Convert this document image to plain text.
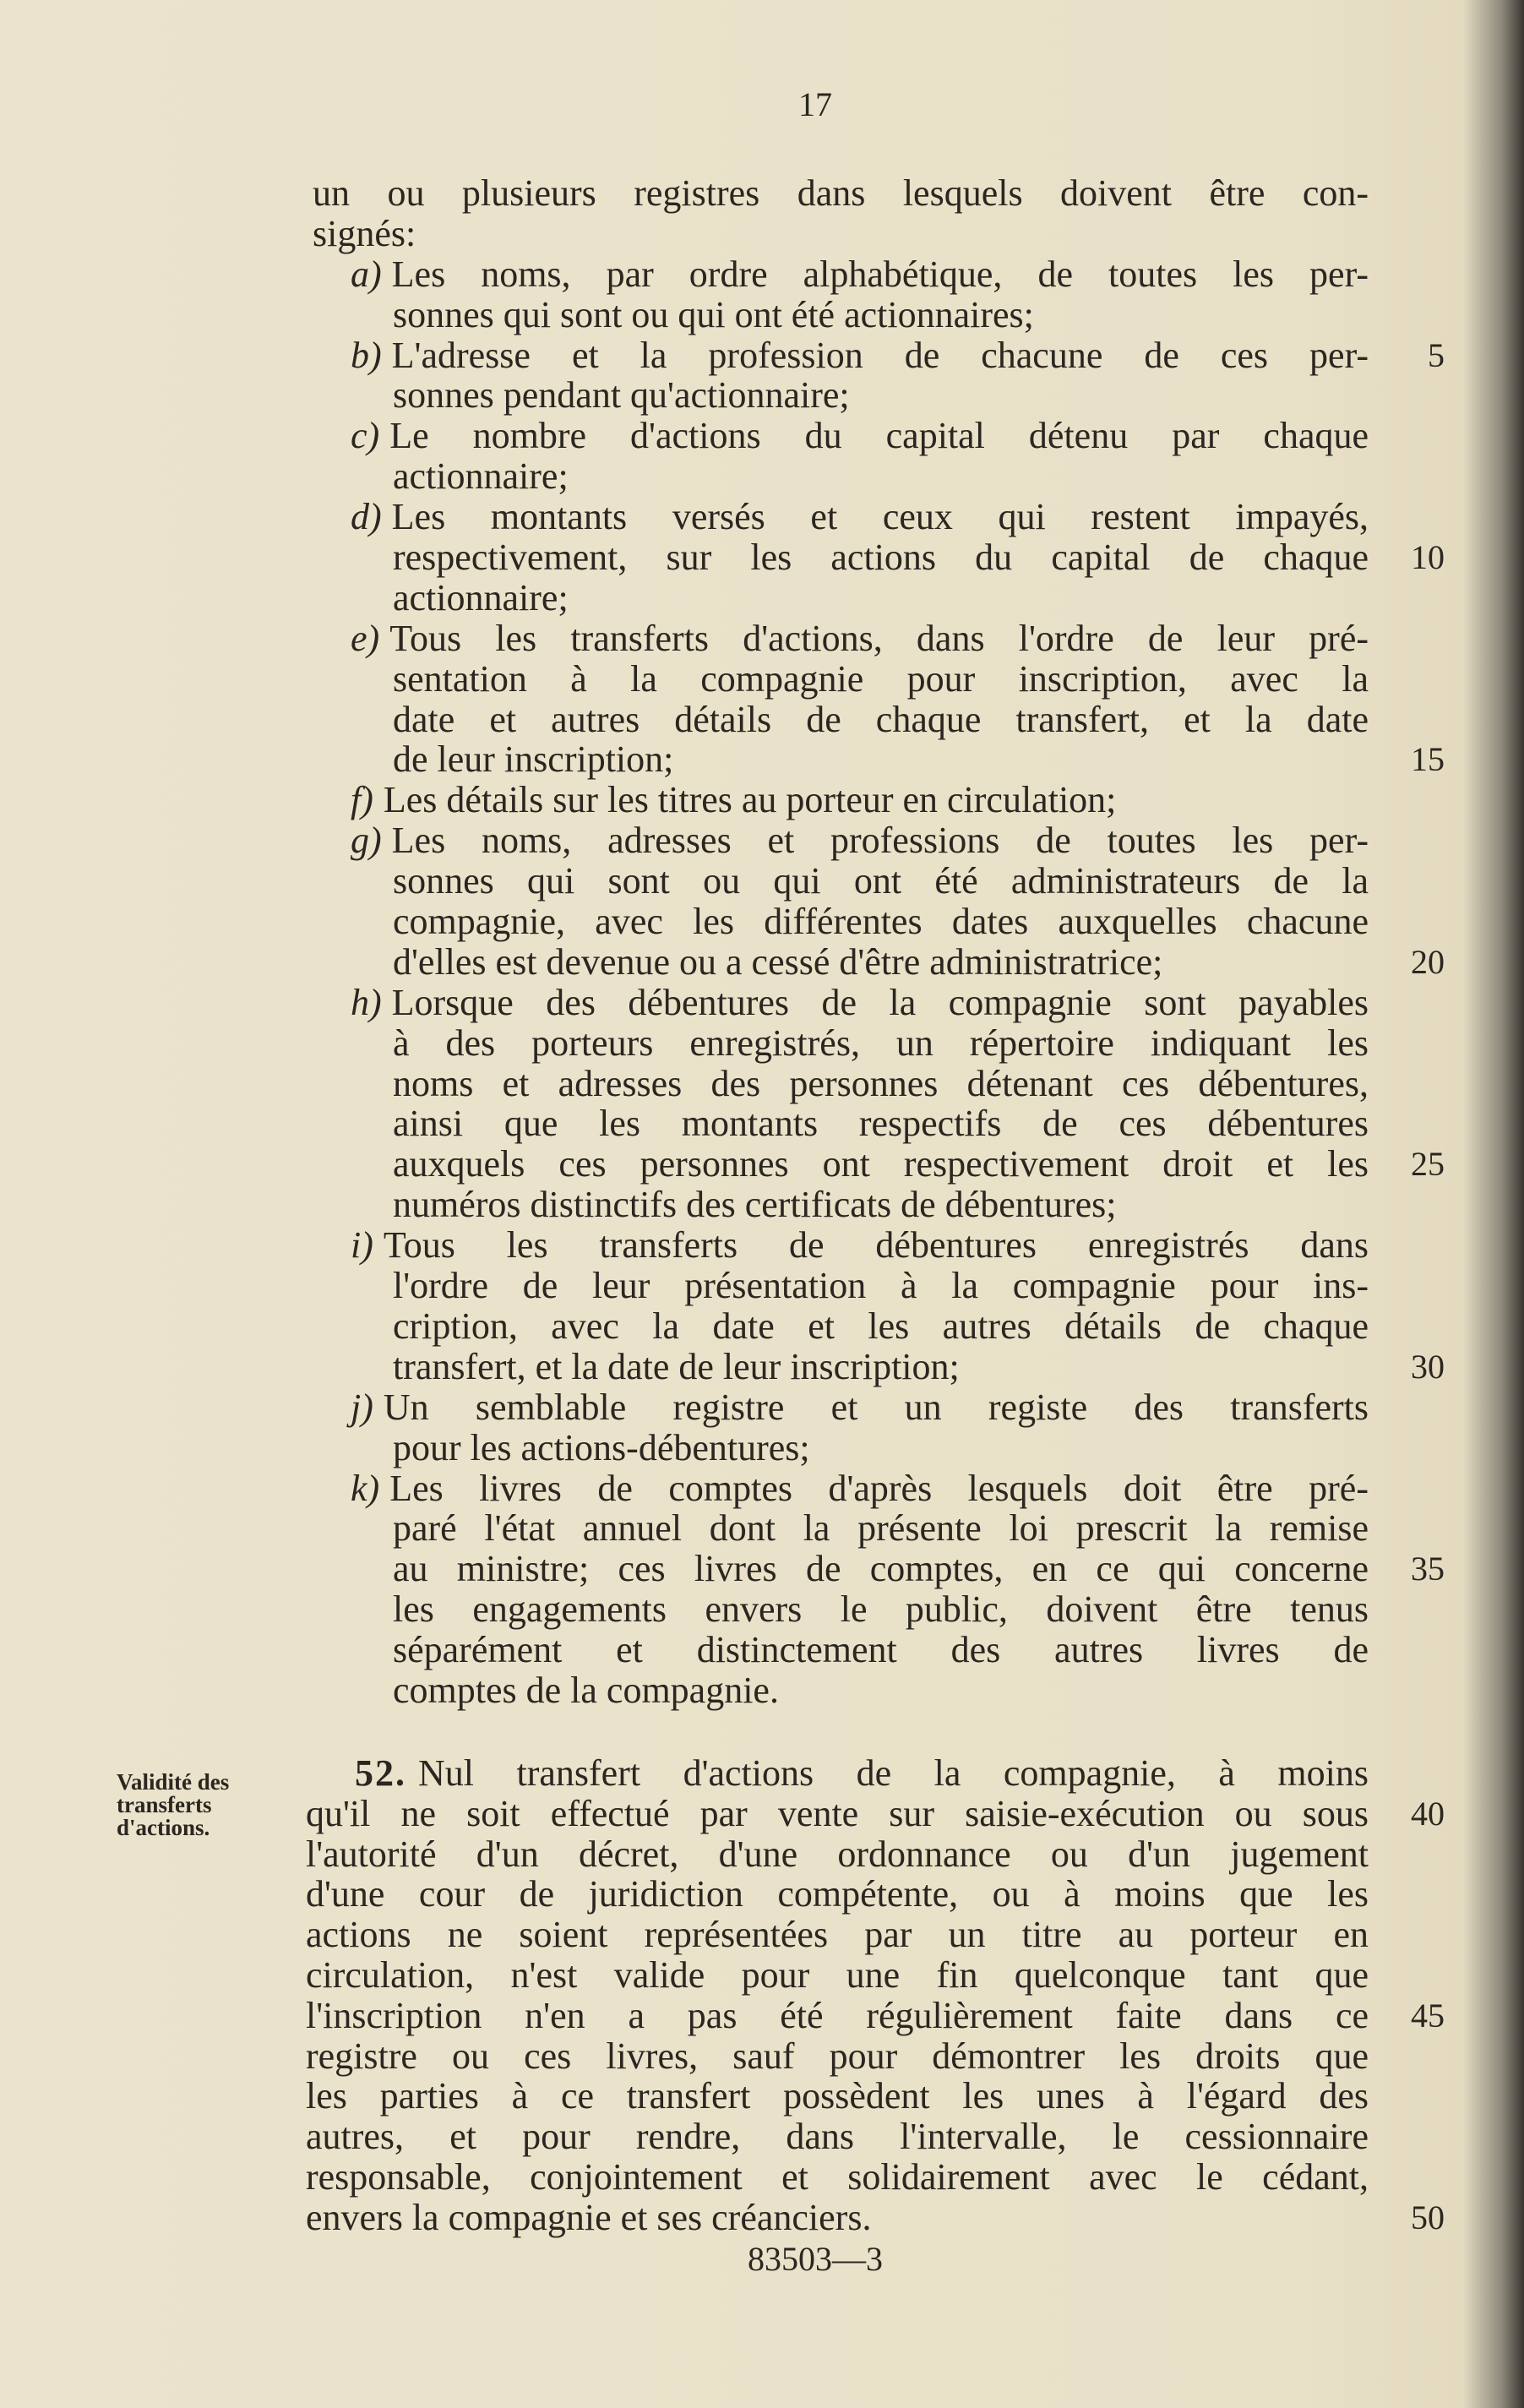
17
un ou plusieurs registres dans lesquels doivent être con-
signés:
a) Les noms, par ordre alphabétique, de toutes les per-
sonnes qui sont ou qui ont été actionnaires;
b) L'adresse et la profession de chacune de ces per-	5
sonnes pendant qu'actionnaire;
c) Le nombre d'actions du capital détenu par chaque
actionnaire;
d) Les montants versés et ceux qui restent impayés,
respectivement, sur les actions du capital de chaque	10
actionnaire;
e) Tous les transferts d'actions, dans l'ordre de leur pré-
sentation à la compagnie pour inscription, avec la
date et autres détails de chaque transfert, et la date
de leur inscription;	15
f) Les détails sur les titres au porteur en circulation;
g) Les noms, adresses et professions de toutes les per-
sonnes qui sont ou qui ont été administrateurs de la
compagnie, avec les différentes dates auxquelles chacune
d'elles est devenue ou a cessé d'être administratrice;	20
h) Lorsque des débentures de la compagnie sont payables
à des porteurs enregistrés, un répertoire indiquant les
noms et adresses des personnes détenant ces débentures,
ainsi que les montants respectifs de ces débentures
auxquels ces personnes ont respectivement droit et les	25
numéros distinctifs des certificats de débentures;
i) Tous les transferts de débentures enregistrés dans
l'ordre de leur présentation à la compagnie pour ins-
cription, avec la date et les autres détails de chaque
transfert, et la date de leur inscription;	30
j) Un semblable registre et un registe des transferts
pour les actions-débentures;
k) Les livres de comptes d'après lesquels doit être pré-
paré l'état annuel dont la présente loi prescrit la remise
au ministre; ces livres de comptes, en ce qui concerne	35
les engagements envers le public, doivent être tenus
séparément et distinctement des autres livres de
comptes de la compagnie.
Validité des
transferts
d'actions.
52. Nul transfert d'actions de la compagnie, à moins
qu'il ne soit effectué par vente sur saisie-exécution ou sous	40
l'autorité d'un décret, d'une ordonnance ou d'un jugement
d'une cour de juridiction compétente, ou à moins que les
actions ne soient représentées par un titre au porteur en
circulation, n'est valide pour une fin quelconque tant que
l'inscription n'en a pas été régulièrement faite dans ce	45
registre ou ces livres, sauf pour démontrer les droits que
les parties à ce transfert possèdent les unes à l'égard des
autres, et pour rendre, dans l'intervalle, le cessionnaire
responsable, conjointement et solidairement avec le cédant,
envers la compagnie et ses créanciers.	50
83503—3
